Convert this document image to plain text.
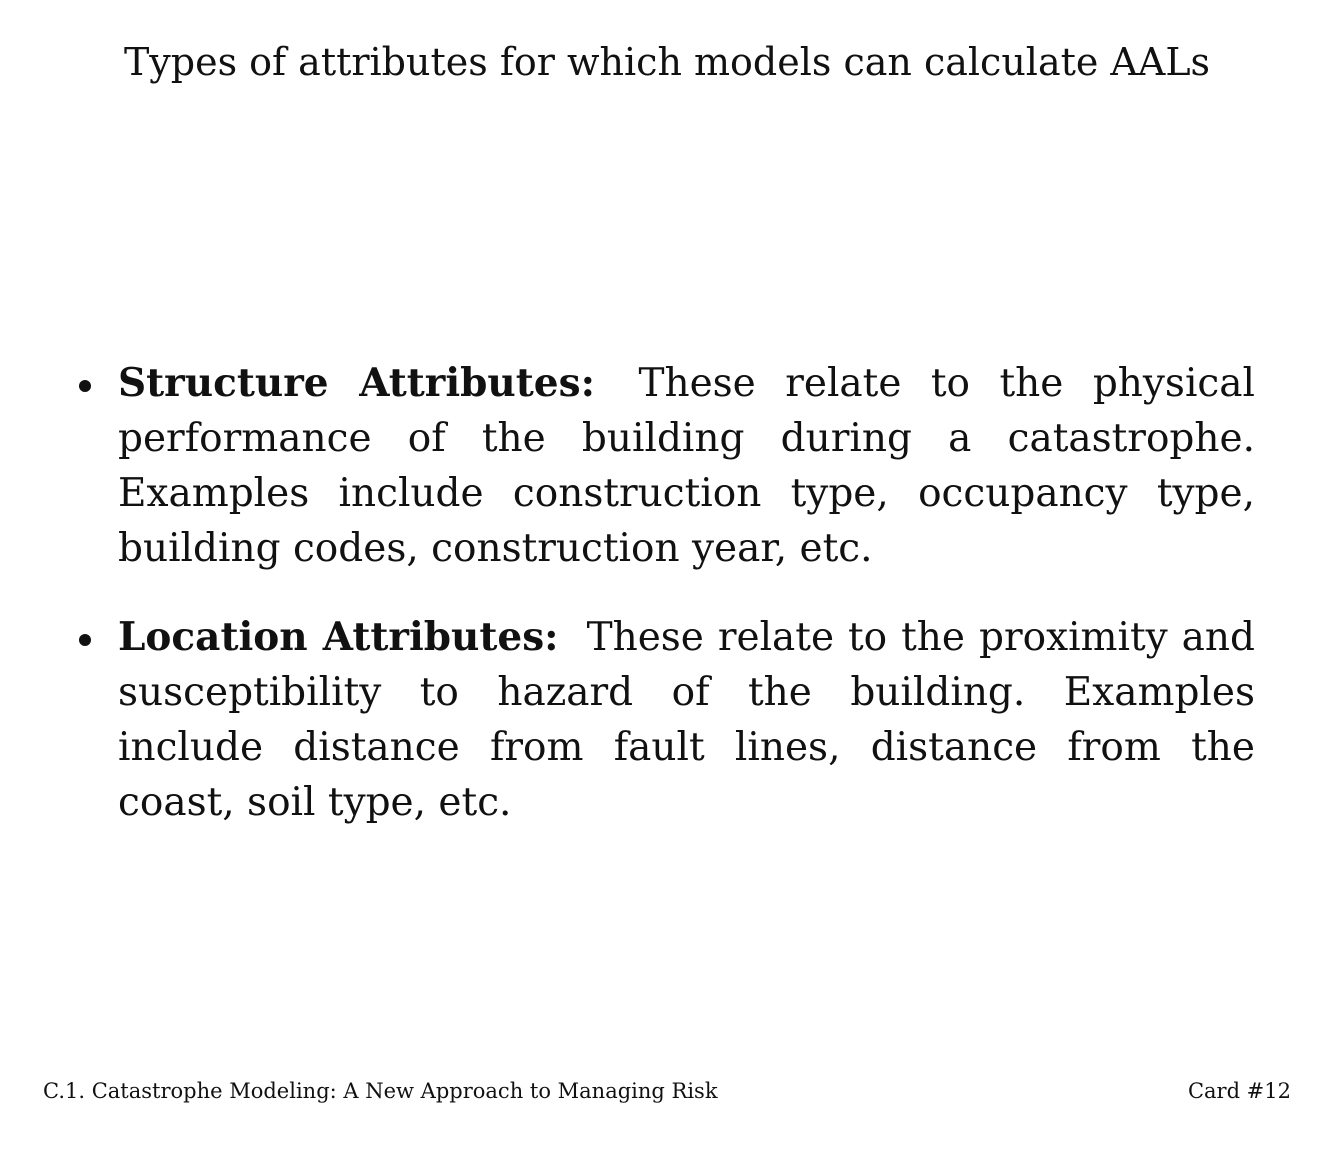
Types of attributes for which models can calculate AALs
Structure Attributes: These relate to the physical performance of the building during a catastrophe. Examples include construction type, occupancy type, building codes, construction year, etc.
Location Attributes: These relate to the proximity and susceptibility to hazard of the building. Examples include distance from fault lines, distance from the coast, soil type, etc.
C.1. Catastrophe Modeling: A New Approach to Managing Risk	Card #12
